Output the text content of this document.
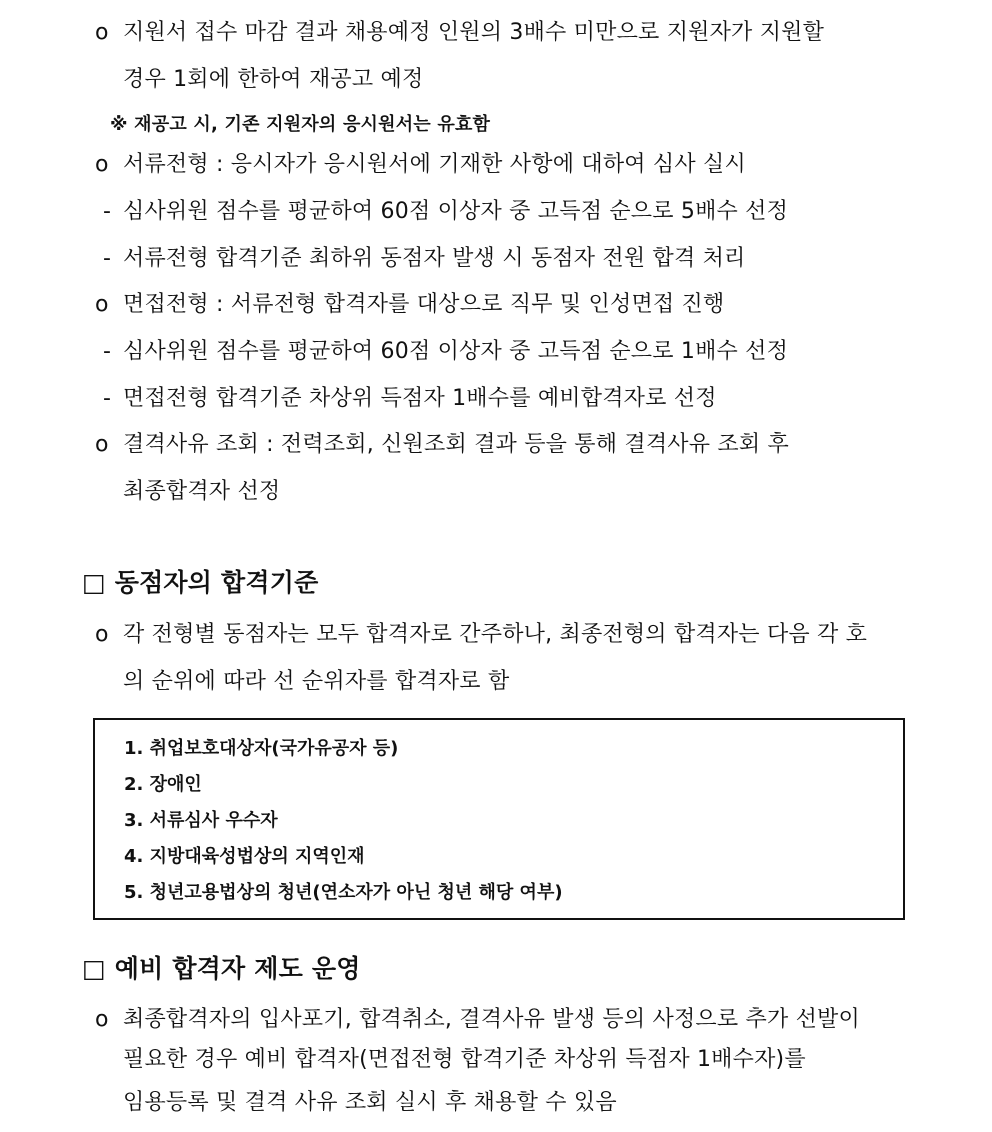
ο 지원서 접수 마감 결과 채용예정 인원의 3배수 미만으로 지원자가 지원할
경우 1회에 한하여 재공고 예정
※ 재공고 시, 기존 지원자의 응시원서는 유효함
ο 서류전형 : 응시자가 응시원서에 기재한 사항에 대하여 심사 실시
- 심사위원 점수를 평균하여 60점 이상자 중 고득점 순으로 5배수 선정
- 서류전형 합격기준 최하위 동점자 발생 시 동점자 전원 합격 처리
ο 면접전형 : 서류전형 합격자를 대상으로 직무 및 인성면접 진행
- 심사위원 점수를 평균하여 60점 이상자 중 고득점 순으로 1배수 선정
- 면접전형 합격기준 차상위 득점자 1배수를 예비합격자로 선정
ο 결격사유 조회 : 전력조회, 신원조회 결과 등을 통해 결격사유 조회 후
최종합격자 선정
□ 동점자의 합격기준
ο 각 전형별 동점자는 모두 합격자로 간주하나, 최종전형의 합격자는 다음 각 호
의 순위에 따라 선 순위자를 합격자로 함
1. 취업보호대상자(국가유공자 등)
2. 장애인
3. 서류심사 우수자
4. 지방대육성법상의 지역인재
5. 청년고용법상의 청년(연소자가 아닌 청년 해당 여부)
□ 예비 합격자 제도 운영
ο 최종합격자의 입사포기, 합격취소, 결격사유 발생 등의 사정으로 추가 선발이
필요한 경우 예비 합격자(면접전형 합격기준 차상위 득점자 1배수자)를
임용등록 및 결격 사유 조회 실시 후 채용할 수 있음
